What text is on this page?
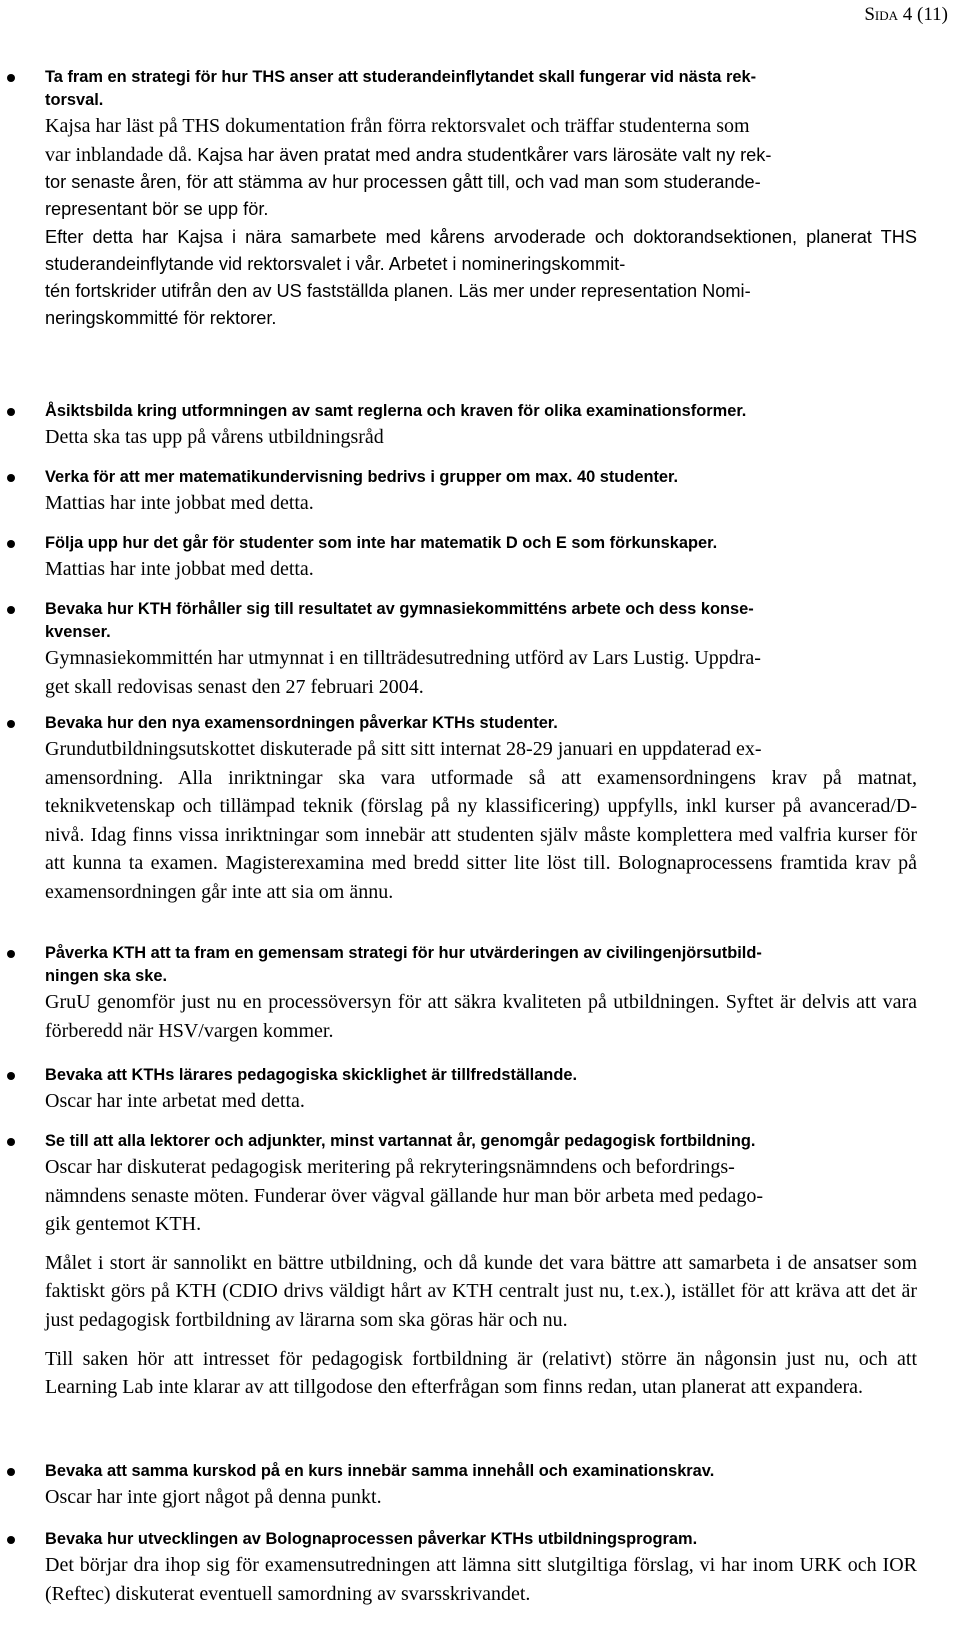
Sida 4 (11)
Ta fram en strategi för hur THS anser att studerandeinflytandet skall fungerar vid nästa rek-
torsval.
Kajsa har läst på THS dokumentation från förra rektorsvalet och träffar studenterna som
var inblandade då. Kajsa har även pratat med andra studentkårer vars lärosäte valt ny rek-
tor senaste åren, för att stämma av hur processen gått till, och vad man som studerande-
representant bör se upp för.
Efter detta har Kajsa i nära samarbete med kårens arvoderade och doktorandsektionen, planerat THS studerandeinflytande vid rektorsvalet i vår. Arbetet i nomineringskommit-
tén fortskrider utifrån den av US fastställda planen. Läs mer under representation Nomi-
neringskommitté för rektorer.
Åsiktsbilda kring utformningen av samt reglerna och kraven för olika examinationsformer.
Detta ska tas upp på vårens utbildningsråd
Verka för att mer matematikundervisning bedrivs i grupper om max. 40 studenter.
Mattias har inte jobbat med detta.
Följa upp hur det går för studenter som inte har matematik D och E som förkunskaper.
Mattias har inte jobbat med detta.
Bevaka hur KTH förhåller sig till resultatet av gymnasiekommitténs arbete och dess konse-
kvenser.
Gymnasiekommittén har utmynnat i en tillträdesutredning utförd av Lars Lustig. Uppdra-
get skall redovisas senast den 27 februari 2004.
Bevaka hur den nya examensordningen påverkar KTHs studenter.
Grundutbildningsutskottet diskuterade på sitt sitt internat 28-29 januari en uppdaterad ex-
amensordning. Alla inriktningar ska vara utformade så att examensordningens krav på matnat, teknikvetenskap och tillämpad teknik (förslag på ny klassificering) uppfylls, inkl kurser på avancerad/D-nivå. Idag finns vissa inriktningar som innebär att studenten själv måste komplettera med valfria kurser för att kunna ta examen. Magisterexamina med bredd sitter lite löst till. Bolognaprocessens framtida krav på examensordningen går inte att sia om ännu.
Påverka KTH att ta fram en gemensam strategi för hur utvärderingen av civilingenjörsutbild-
ningen ska ske.
GruU genomför just nu en processöversyn för att säkra kvaliteten på utbildningen. Syftet är delvis att vara förberedd när HSV/vargen kommer.
Bevaka att KTHs lärares pedagogiska skicklighet är tillfredställande.
Oscar har inte arbetat med detta.
Se till att alla lektorer och adjunkter, minst vartannat år, genomgår pedagogisk fortbildning.
Oscar har diskuterat pedagogisk meritering på rekryteringsnämndens och befordrings-
nämndens senaste möten. Funderar över vägval gällande hur man bör arbeta med pedago-
gik gentemot KTH.
Målet i stort är sannolikt en bättre utbildning, och då kunde det vara bättre att samarbeta i de ansatser som faktiskt görs på KTH (CDIO drivs väldigt hårt av KTH centralt just nu, t.ex.), istället för att kräva att det är just pedagogisk fortbildning av lärarna som ska göras här och nu.
Till saken hör att intresset för pedagogisk fortbildning är (relativt) större än någonsin just nu, och att Learning Lab inte klarar av att tillgodose den efterfrågan som finns redan, utan planerat att expandera.
Bevaka att samma kurskod på en kurs innebär samma innehåll och examinationskrav.
Oscar har inte gjort något på denna punkt.
Bevaka hur utvecklingen av Bolognaprocessen påverkar KTHs utbildningsprogram.
Det börjar dra ihop sig för examensutredningen att lämna sitt slutgiltiga förslag, vi har inom URK och IOR (Reftec) diskuterat eventuell samordning av svarsskrivandet.
